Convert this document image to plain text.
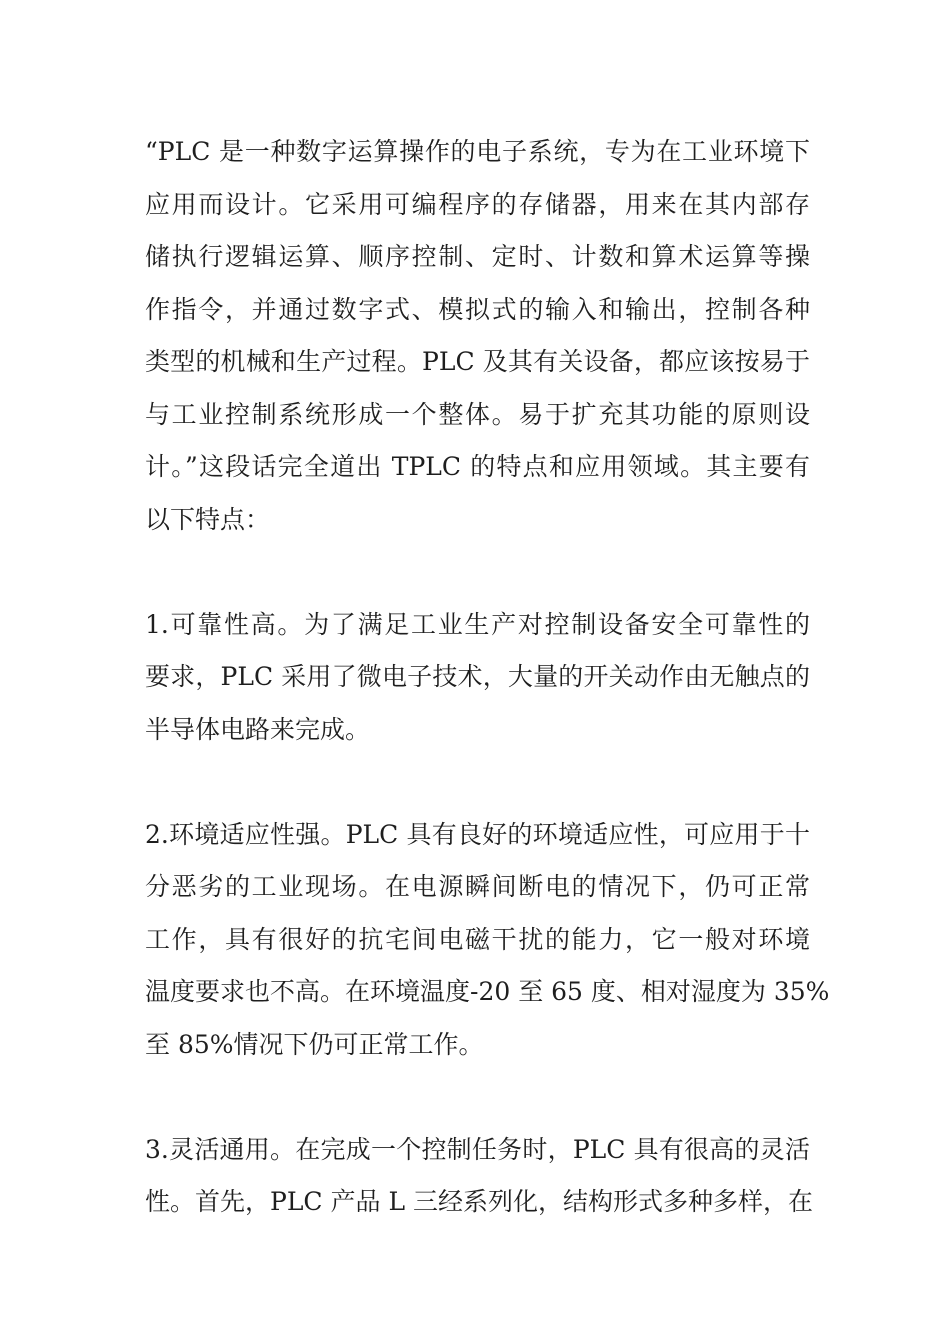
“PLC 是一种数字运算操作的电子系统，专为在工业环境下
应用而设计。它采用可编程序的存储器，用来在其内部存
储执行逻辑运算、顺序控制、定时、计数和算术运算等操
作指令，并通过数字式、模拟式的输入和输出，控制各种
类型的机械和生产过程。PLC 及其有关设备，都应该按易于
与工业控制系统形成一个整体。易于扩充其功能的原则设
计。”这段话完全道出 TPLC 的特点和应用领域。其主要有
以下特点：
1.可靠性高。为了满足工业生产对控制设备安全可靠性的
要求，PLC 采用了微电子技术，大量的开关动作由无触点的
半导体电路来完成。
2.环境适应性强。PLC 具有良好的环境适应性，可应用于十
分恶劣的工业现场。在电源瞬间断电的情况下，仍可正常
工作，具有很好的抗宅间电磁干扰的能力，它一般对环境
温度要求也不高。在环境温度-20 至 65 度、相对湿度为 35%
至 85%情况下仍可正常工作。
3.灵活通用。在完成一个控制任务时，PLC 具有很高的灵活
性。首先，PLC 产品 L 三经系列化，结构形式多种多样，在
